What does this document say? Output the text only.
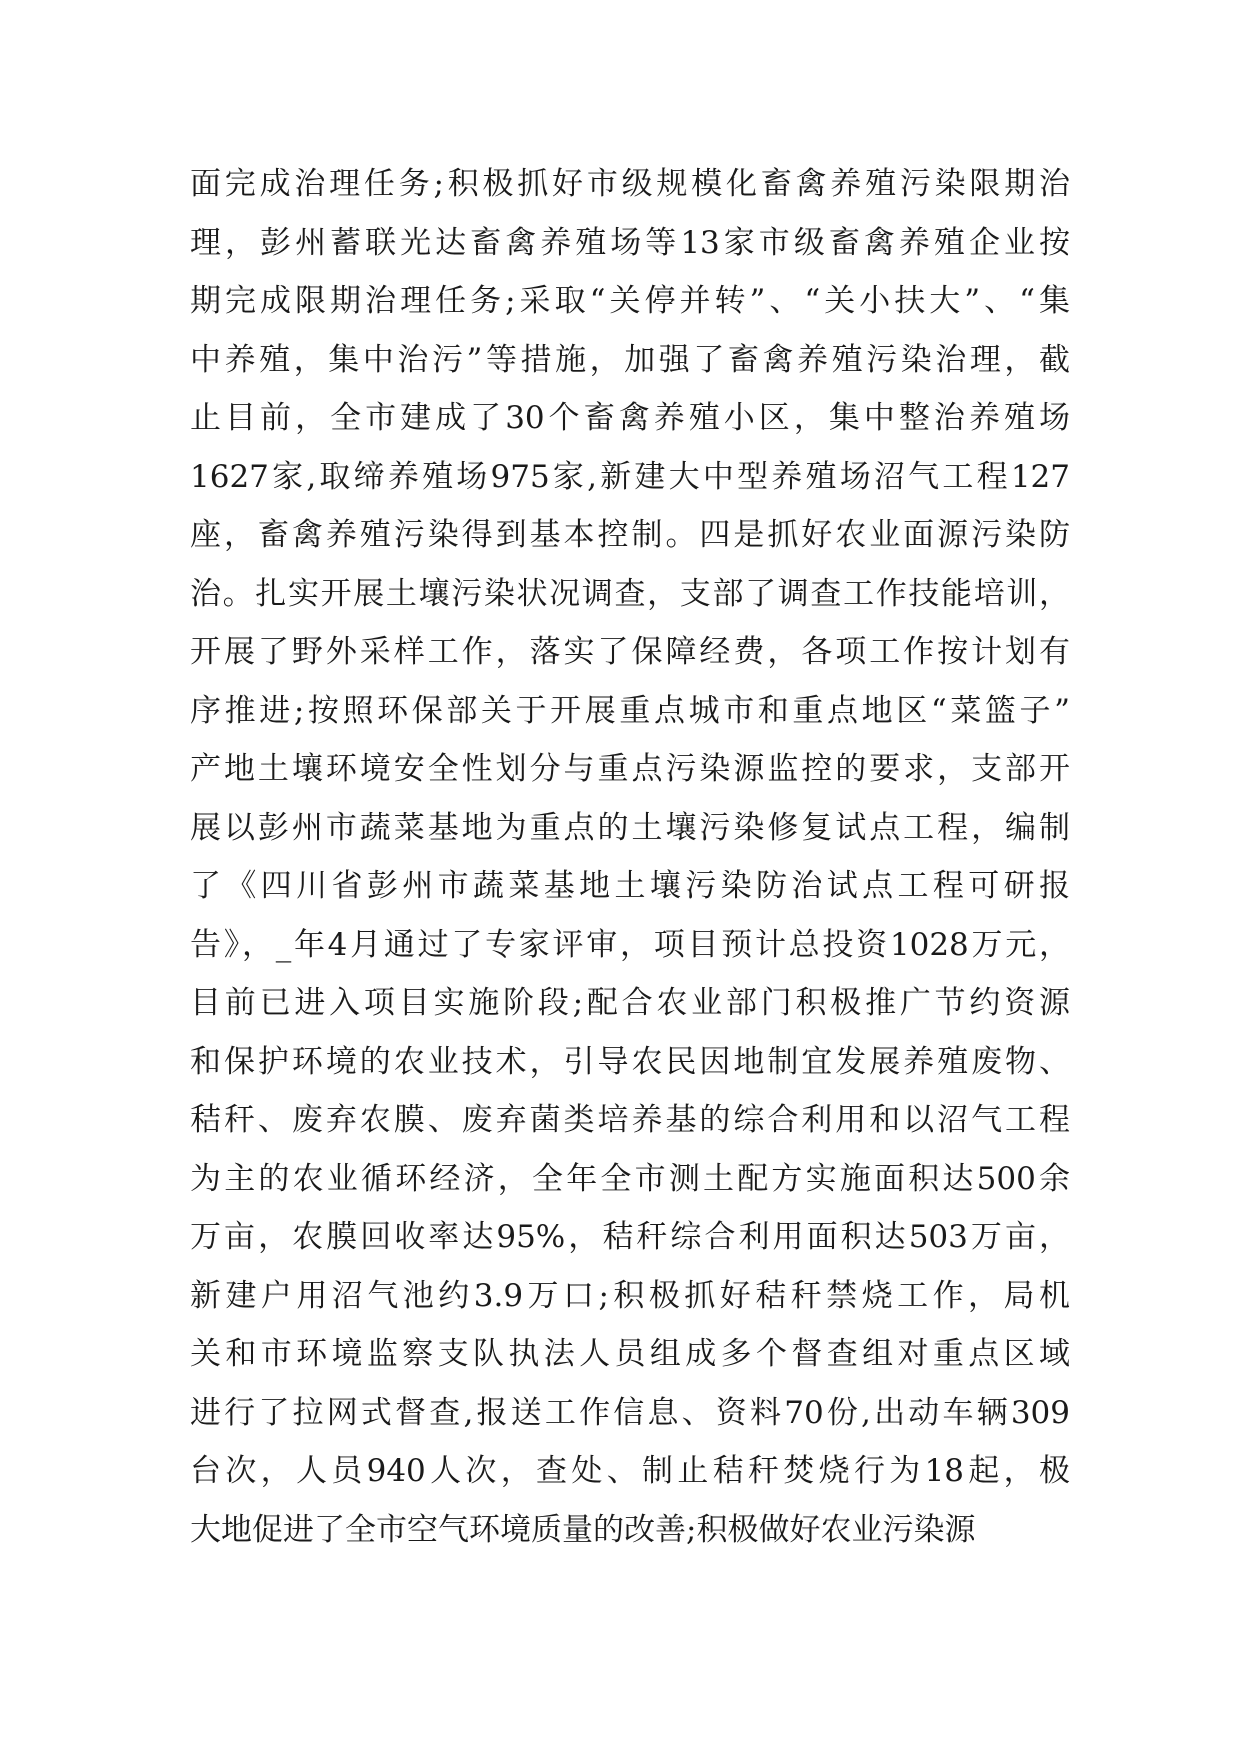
面完成治理任务;积极抓好市级规模化畜禽养殖污染限期治
理，彭州蓄联光达畜禽养殖场等13家市级畜禽养殖企业按
期完成限期治理任务;采取“关停并转”、“关小扶大”、“集
中养殖，集中治污”等措施，加强了畜禽养殖污染治理，截
止目前，全市建成了30个畜禽养殖小区，集中整治养殖场
1627家,取缔养殖场975家,新建大中型养殖场沼气工程127
座，畜禽养殖污染得到基本控制。四是抓好农业面源污染防
治。扎实开展土壤污染状况调查，支部了调查工作技能培训，
开展了野外采样工作，落实了保障经费，各项工作按计划有
序推进;按照环保部关于开展重点城市和重点地区“菜篮子”
产地土壤环境安全性划分与重点污染源监控的要求，支部开
展以彭州市蔬菜基地为重点的土壤污染修复试点工程，编制
了《四川省彭州市蔬菜基地土壤污染防治试点工程可研报
告》，_年4月通过了专家评审，项目预计总投资1028万元，
目前已进入项目实施阶段;配合农业部门积极推广节约资源
和保护环境的农业技术，引导农民因地制宜发展养殖废物、
秸秆、废弃农膜、废弃菌类培养基的综合利用和以沼气工程
为主的农业循环经济，全年全市测土配方实施面积达500余
万亩，农膜回收率达95%，秸秆综合利用面积达503万亩，
新建户用沼气池约3.9万口;积极抓好秸秆禁烧工作，局机
关和市环境监察支队执法人员组成多个督查组对重点区域
进行了拉网式督查,报送工作信息、资料70份,出动车辆309
台次，人员940人次，查处、制止秸秆焚烧行为18起，极
大地促进了全市空气环境质量的改善;积极做好农业污染源
